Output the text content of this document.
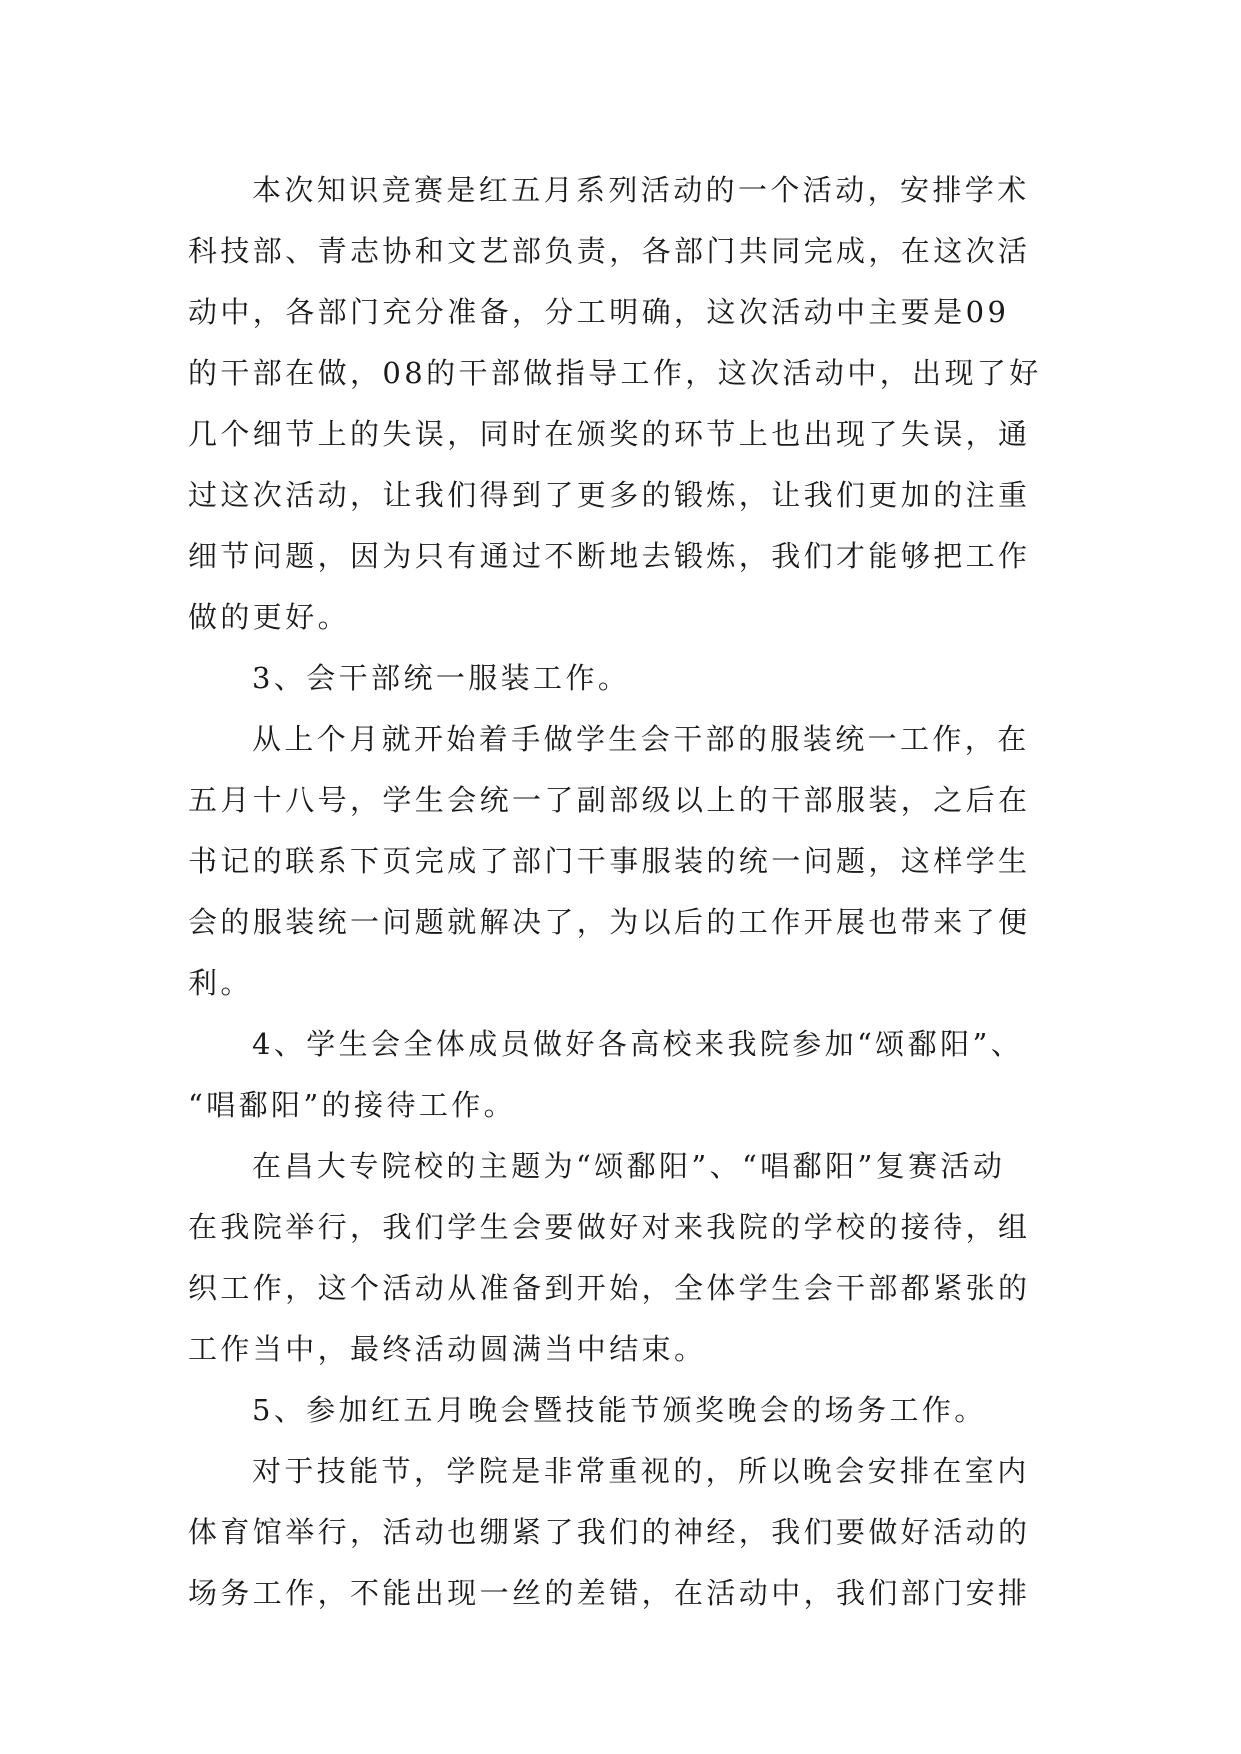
本次知识竞赛是红五月系列活动的一个活动，安排学术
科技部、青志协和文艺部负责，各部门共同完成，在这次活
动中，各部门充分准备，分工明确，这次活动中主要是09
的干部在做，08的干部做指导工作，这次活动中，出现了好
几个细节上的失误，同时在颁奖的环节上也出现了失误，通
过这次活动，让我们得到了更多的锻炼，让我们更加的注重
细节问题，因为只有通过不断地去锻炼，我们才能够把工作
做的更好。
3、会干部统一服装工作。
从上个月就开始着手做学生会干部的服装统一工作，在
五月十八号，学生会统一了副部级以上的干部服装，之后在
书记的联系下页完成了部门干事服装的统一问题，这样学生
会的服装统一问题就解决了，为以后的工作开展也带来了便
利。
4、学生会全体成员做好各高校来我院参加“颂鄱阳”、
“唱鄱阳”的接待工作。
在昌大专院校的主题为“颂鄱阳”、“唱鄱阳”复赛活动
在我院举行，我们学生会要做好对来我院的学校的接待，组
织工作，这个活动从准备到开始，全体学生会干部都紧张的
工作当中，最终活动圆满当中结束。
5、参加红五月晚会暨技能节颁奖晚会的场务工作。
对于技能节，学院是非常重视的，所以晚会安排在室内
体育馆举行，活动也绷紧了我们的神经，我们要做好活动的
场务工作，不能出现一丝的差错，在活动中，我们部门安排
